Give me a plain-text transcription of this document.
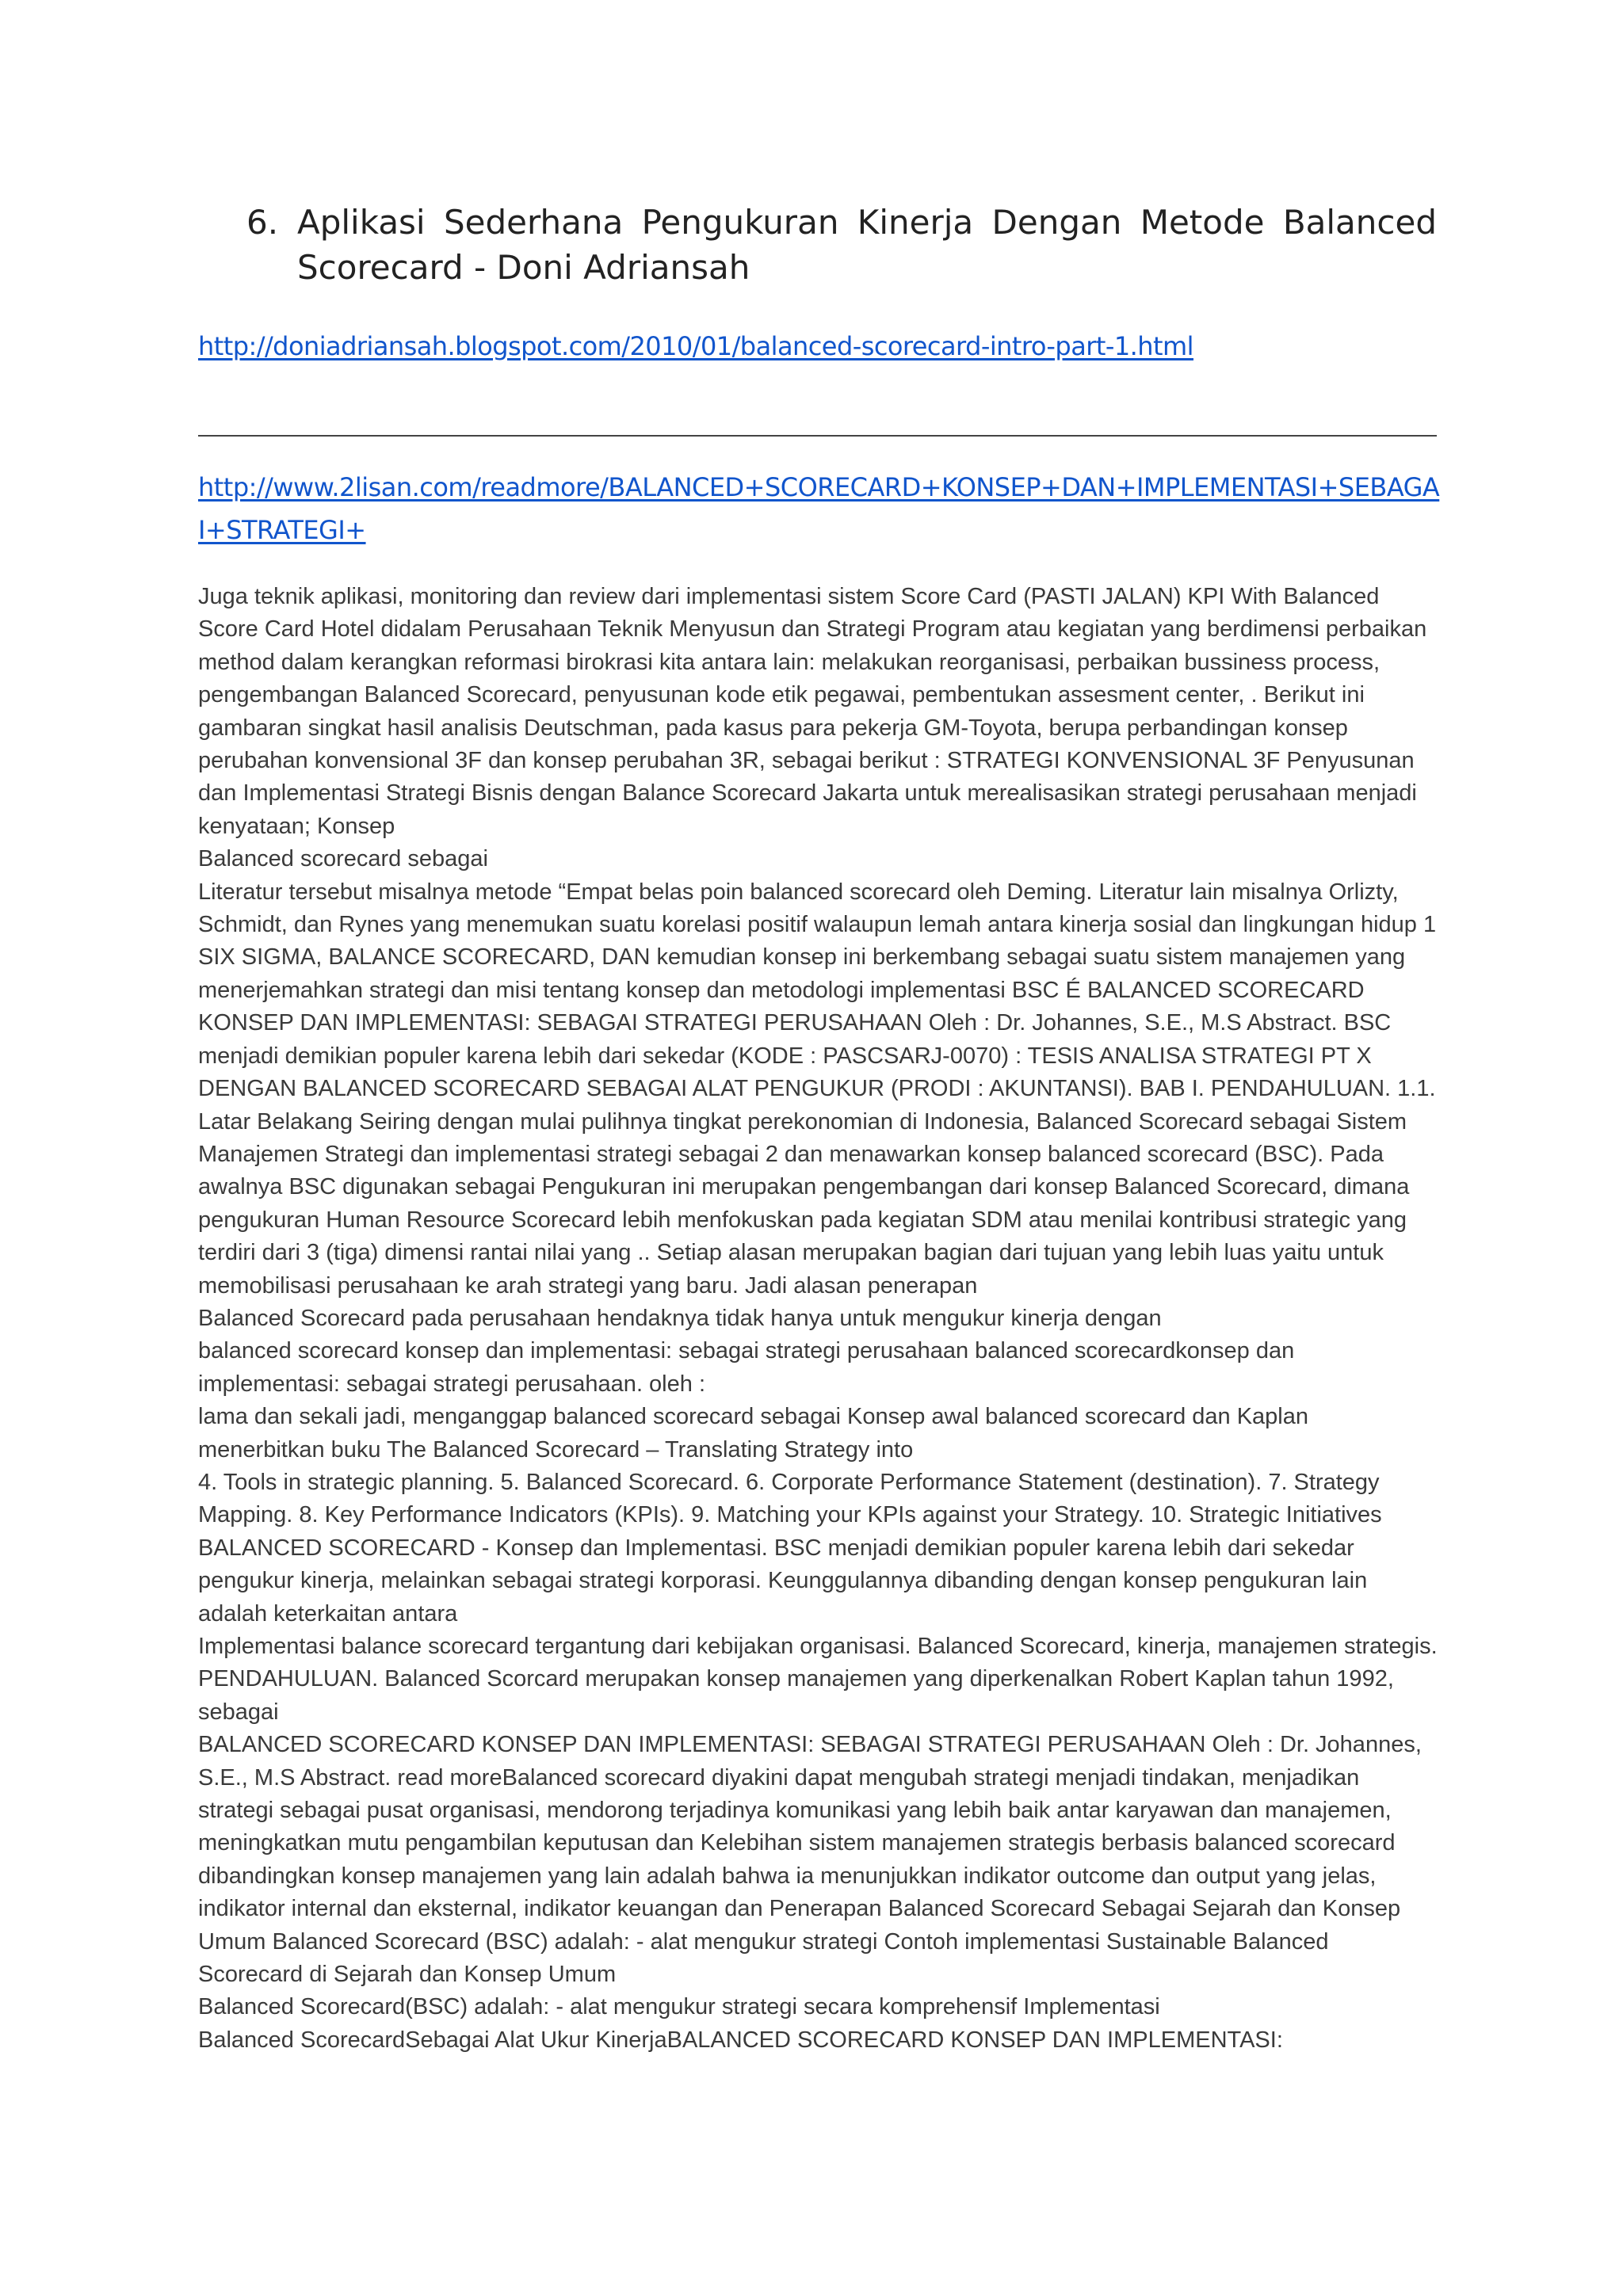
6. Aplikasi Sederhana Pengukuran Kinerja Dengan Metode Balanced Scorecard - Doni Adriansah
http://doniadriansah.blogspot.com/2010/01/balanced-scorecard-intro-part-1.html
http://www.2lisan.com/readmore/BALANCED+SCORECARD+KONSEP+DAN+IMPLEMENTASI+SEBAGAI+STRATEGI+

Juga teknik aplikasi, monitoring dan review dari implementasi sistem Score Card (PASTI JALAN) KPI With Balanced Score Card Hotel didalam Perusahaan Teknik Menyusun dan Strategi Program atau kegiatan yang berdimensi perbaikan method dalam kerangkan reformasi birokrasi kita antara lain: melakukan reorganisasi, perbaikan bussiness process, pengembangan Balanced Scorecard, penyusunan kode etik pegawai, pembentukan assesment center, . Berikut ini gambaran singkat hasil analisis Deutschman, pada kasus para pekerja GM-Toyota, berupa perbandingan konsep perubahan konvensional 3F dan konsep perubahan 3R, sebagai berikut : STRATEGI KONVENSIONAL 3F Penyusunan dan Implementasi Strategi Bisnis dengan Balance Scorecard Jakarta untuk merealisasikan strategi perusahaan menjadi kenyataan; Konsep

Balanced scorecard sebagai

Literatur tersebut misalnya metode “Empat belas poin balanced scorecard oleh Deming. Literatur lain misalnya Orlizty, Schmidt, dan Rynes yang menemukan suatu korelasi positif walaupun lemah antara kinerja sosial dan lingkungan hidup 1 SIX SIGMA, BALANCE SCORECARD, DAN kemudian konsep ini berkembang sebagai suatu sistem manajemen yang menerjemahkan strategi dan misi tentang konsep dan metodologi implementasi BSC É BALANCED SCORECARD KONSEP DAN IMPLEMENTASI: SEBAGAI STRATEGI PERUSAHAAN Oleh : Dr. Johannes, S.E., M.S Abstract. BSC menjadi demikian populer karena lebih dari sekedar (KODE : PASCSARJ-0070) : TESIS ANALISA STRATEGI PT X DENGAN BALANCED SCORECARD SEBAGAI ALAT PENGUKUR (PRODI : AKUNTANSI). BAB I. PENDAHULUAN. 1.1. Latar Belakang Seiring dengan mulai pulihnya tingkat perekonomian di Indonesia, Balanced Scorecard sebagai Sistem Manajemen Strategi dan implementasi strategi sebagai 2 dan menawarkan konsep balanced scorecard (BSC). Pada awalnya BSC digunakan sebagai Pengukuran ini merupakan pengembangan dari konsep Balanced Scorecard, dimana pengukuran Human Resource Scorecard lebih menfokuskan pada kegiatan SDM atau menilai kontribusi strategic yang terdiri dari 3 (tiga) dimensi rantai nilai yang .. Setiap alasan merupakan bagian dari tujuan yang lebih luas yaitu untuk memobilisasi perusahaan ke arah strategi yang baru. Jadi alasan penerapan

Balanced Scorecard pada perusahaan hendaknya tidak hanya untuk mengukur kinerja dengan

balanced scorecard konsep dan implementasi: sebagai strategi perusahaan balanced scorecardkonsep dan implementasi: sebagai strategi perusahaan. oleh :

lama dan sekali jadi, menganggap balanced scorecard sebagai Konsep awal balanced scorecard dan Kaplan menerbitkan buku The Balanced Scorecard – Translating Strategy into

4. Tools in strategic planning. 5. Balanced Scorecard. 6. Corporate Performance Statement (destination). 7. Strategy Mapping. 8. Key Performance Indicators (KPIs). 9. Matching your KPIs against your Strategy. 10. Strategic Initiatives BALANCED SCORECARD - Konsep dan Implementasi. BSC menjadi demikian populer karena lebih dari sekedar pengukur kinerja, melainkan sebagai strategi korporasi. Keunggulannya dibanding dengan konsep pengukuran lain adalah keterkaitan antara

Implementasi balance scorecard tergantung dari kebijakan organisasi. Balanced Scorecard, kinerja, manajemen strategis. PENDAHULUAN. Balanced Scorcard merupakan konsep manajemen yang diperkenalkan Robert Kaplan tahun 1992, sebagai

BALANCED SCORECARD KONSEP DAN IMPLEMENTASI: SEBAGAI STRATEGI PERUSAHAAN Oleh : Dr. Johannes, S.E., M.S Abstract. read moreBalanced scorecard diyakini dapat mengubah strategi menjadi tindakan, menjadikan strategi sebagai pusat organisasi, mendorong terjadinya komunikasi yang lebih baik antar karyawan dan manajemen, meningkatkan mutu pengambilan keputusan dan Kelebihan sistem manajemen strategis berbasis balanced scorecard dibandingkan konsep manajemen yang lain adalah bahwa ia menunjukkan indikator outcome dan output yang jelas, indikator internal dan eksternal, indikator keuangan dan Penerapan Balanced Scorecard Sebagai Sejarah dan Konsep Umum Balanced Scorecard (BSC) adalah: - alat mengukur strategi Contoh implementasi Sustainable Balanced Scorecard di Sejarah dan Konsep Umum

Balanced Scorecard(BSC) adalah: - alat mengukur strategi secara komprehensif Implementasi

Balanced ScorecardSebagai Alat Ukur KinerjaBALANCED SCORECARD KONSEP DAN IMPLEMENTASI:
